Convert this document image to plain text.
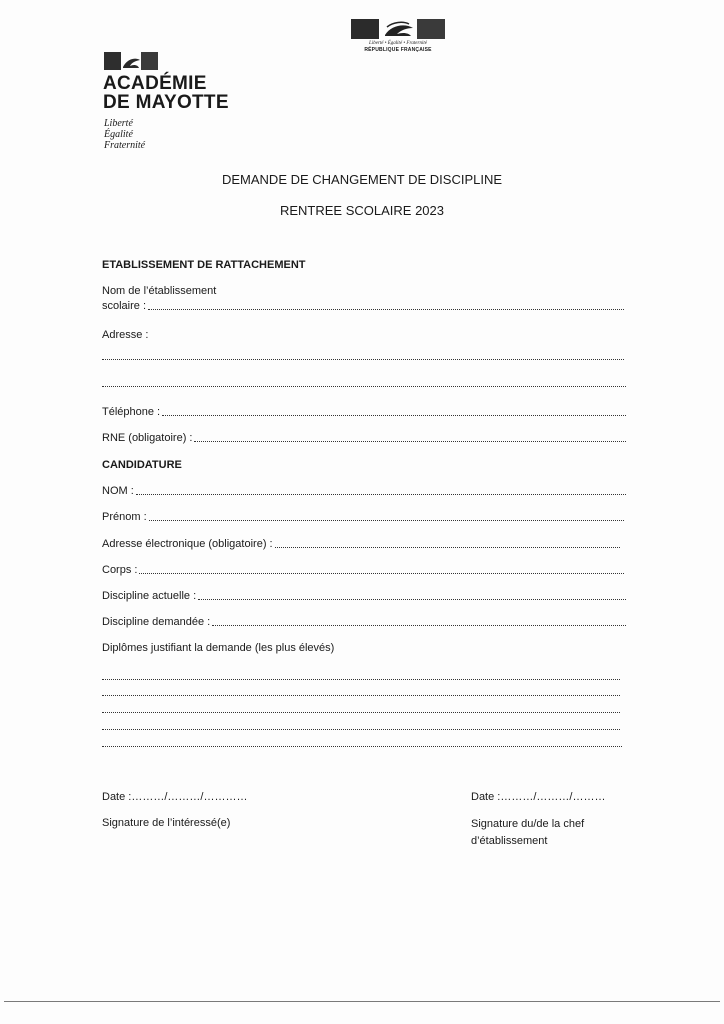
Liberté • Égalité • Fraternité
RÉPUBLIQUE FRANÇAISE
ACADÉMIE
DE MAYOTTE
Liberté
Égalité
Fraternité
DEMANDE DE CHANGEMENT DE DISCIPLINE
RENTREE SCOLAIRE 2023
ETABLISSEMENT DE RATTACHEMENT
Nom de l’établissement
scolaire :
Adresse :
Téléphone :
RNE (obligatoire) :
CANDIDATURE
NOM :
Prénom :
Adresse électronique (obligatoire) :
Corps :
Discipline actuelle :
Discipline demandée :
Diplômes justifiant la demande (les plus élevés)
Date :………/………/…………
Signature de l’intéressé(e)
Date :………/………/………
Signature du/de la chef
d’établissement
